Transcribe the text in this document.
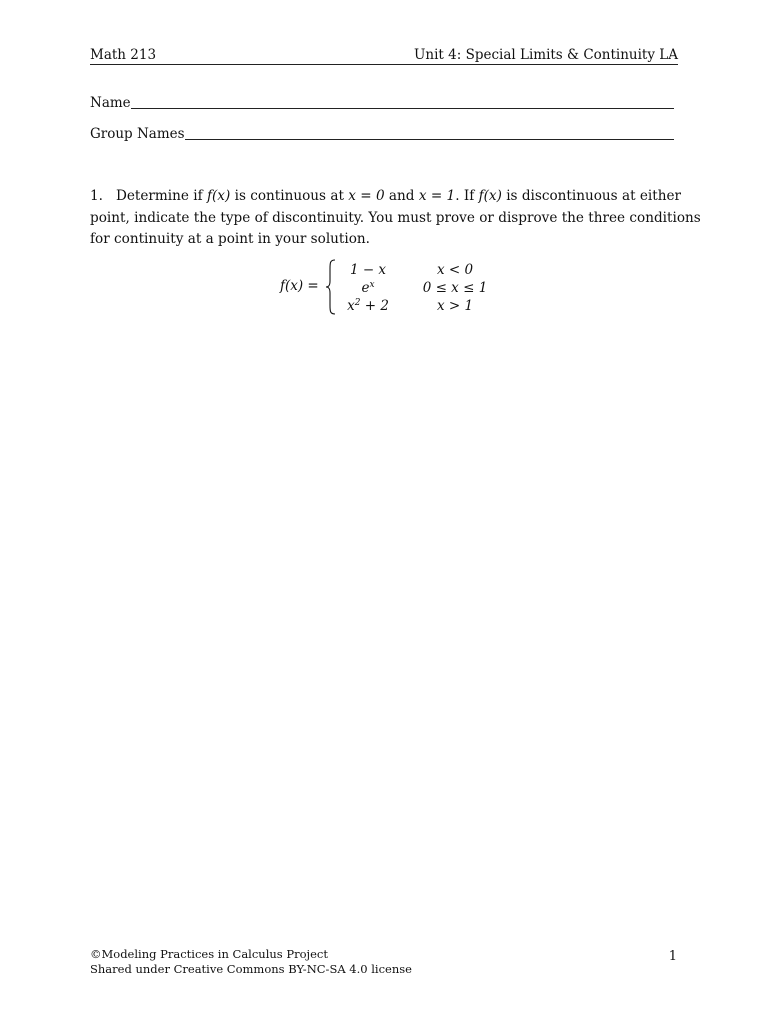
Math 213	Unit 4: Special Limits & Continuity LA
Name
Group Names
1. Determine if f(x) is continuous at x = 0 and x = 1. If f(x) is discontinuous at either
point, indicate the type of discontinuity. You must prove or disprove the three conditions
for continuity at a point in your solution.
f(x) =
1 − x	x < 0
$e^x$	0 ≤ x ≤ 1
$x^2 + 2$	x > 1
©Modeling Practices in Calculus Project
Shared under Creative Commons BY-NC-SA 4.0 license
1
